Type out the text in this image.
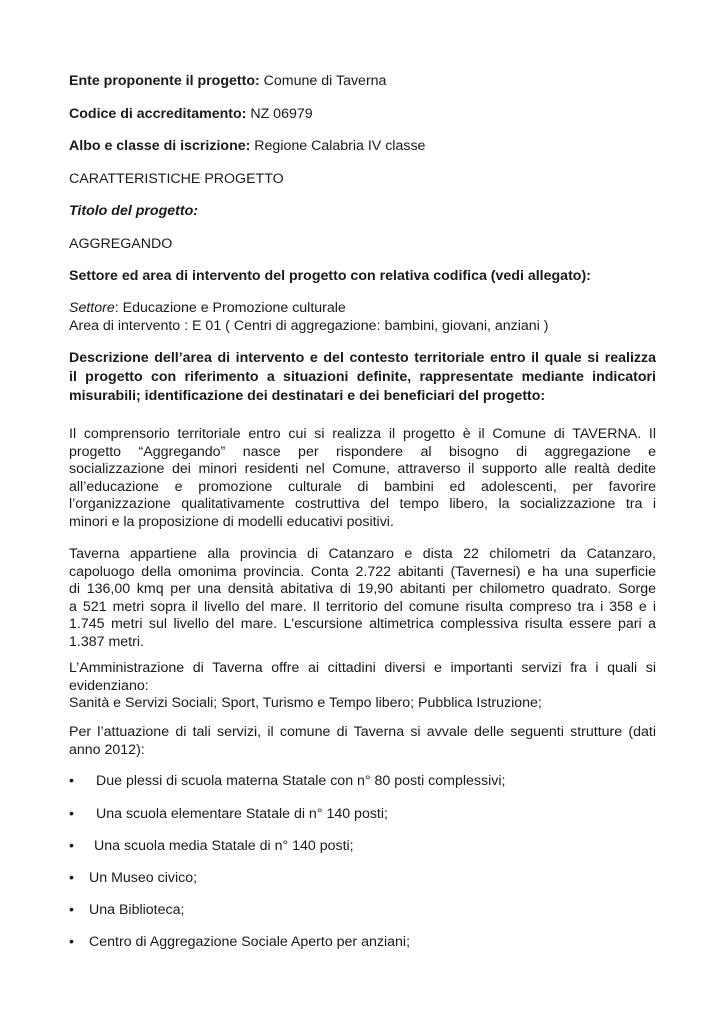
Ente proponente il progetto: Comune di Taverna

Codice di accreditamento: NZ 06979

Albo e classe di iscrizione: Regione Calabria IV classe

CARATTERISTICHE PROGETTO

Titolo del progetto:

AGGREGANDO

Settore ed area di intervento del progetto con relativa codifica (vedi allegato):

Settore: Educazione e Promozione culturale
Area di intervento : E 01 ( Centri di aggregazione: bambini, giovani, anziani )

Descrizione dell’area di intervento e del contesto territoriale entro il quale si realizza
il progetto con riferimento a situazioni definite, rappresentate mediante indicatori
misurabili; identificazione dei destinatari e dei beneficiari del progetto:

Il comprensorio territoriale entro cui si realizza il progetto è il Comune di TAVERNA. Il
progetto “Aggregando” nasce per rispondere al bisogno di aggregazione e
socializzazione dei minori residenti nel Comune, attraverso il supporto alle realtà dedite
all’educazione e promozione culturale di bambini ed adolescenti, per favorire
l’organizzazione qualitativamente costruttiva del tempo libero, la socializzazione tra i
minori e la proposizione di modelli educativi positivi.

Taverna appartiene alla provincia di Catanzaro e dista 22 chilometri da Catanzaro,
capoluogo della omonima provincia. Conta 2.722 abitanti (Tavernesi) e ha una superficie
di 136,00 kmq per una densità abitativa di 19,90 abitanti per chilometro quadrato. Sorge
a 521 metri sopra il livello del mare. Il territorio del comune risulta compreso tra i 358 e i
1.745 metri sul livello del mare. L'escursione altimetrica complessiva risulta essere pari a
1.387 metri.

L’Amministrazione di Taverna offre ai cittadini diversi e importanti servizi fra i quali si
evidenziano:
Sanità e Servizi Sociali; Sport, Turismo e Tempo libero; Pubblica Istruzione;

Per l’attuazione di tali servizi, il comune di Taverna si avvale delle seguenti strutture (dati
anno 2012):

• Due plessi di scuola materna Statale con n° 80 posti complessivi;
• Una scuola elementare Statale di n° 140 posti;
• Una scuola media Statale di n° 140 posti;
• Un Museo civico;
• Una Biblioteca;
• Centro di Aggregazione Sociale Aperto per anziani;
